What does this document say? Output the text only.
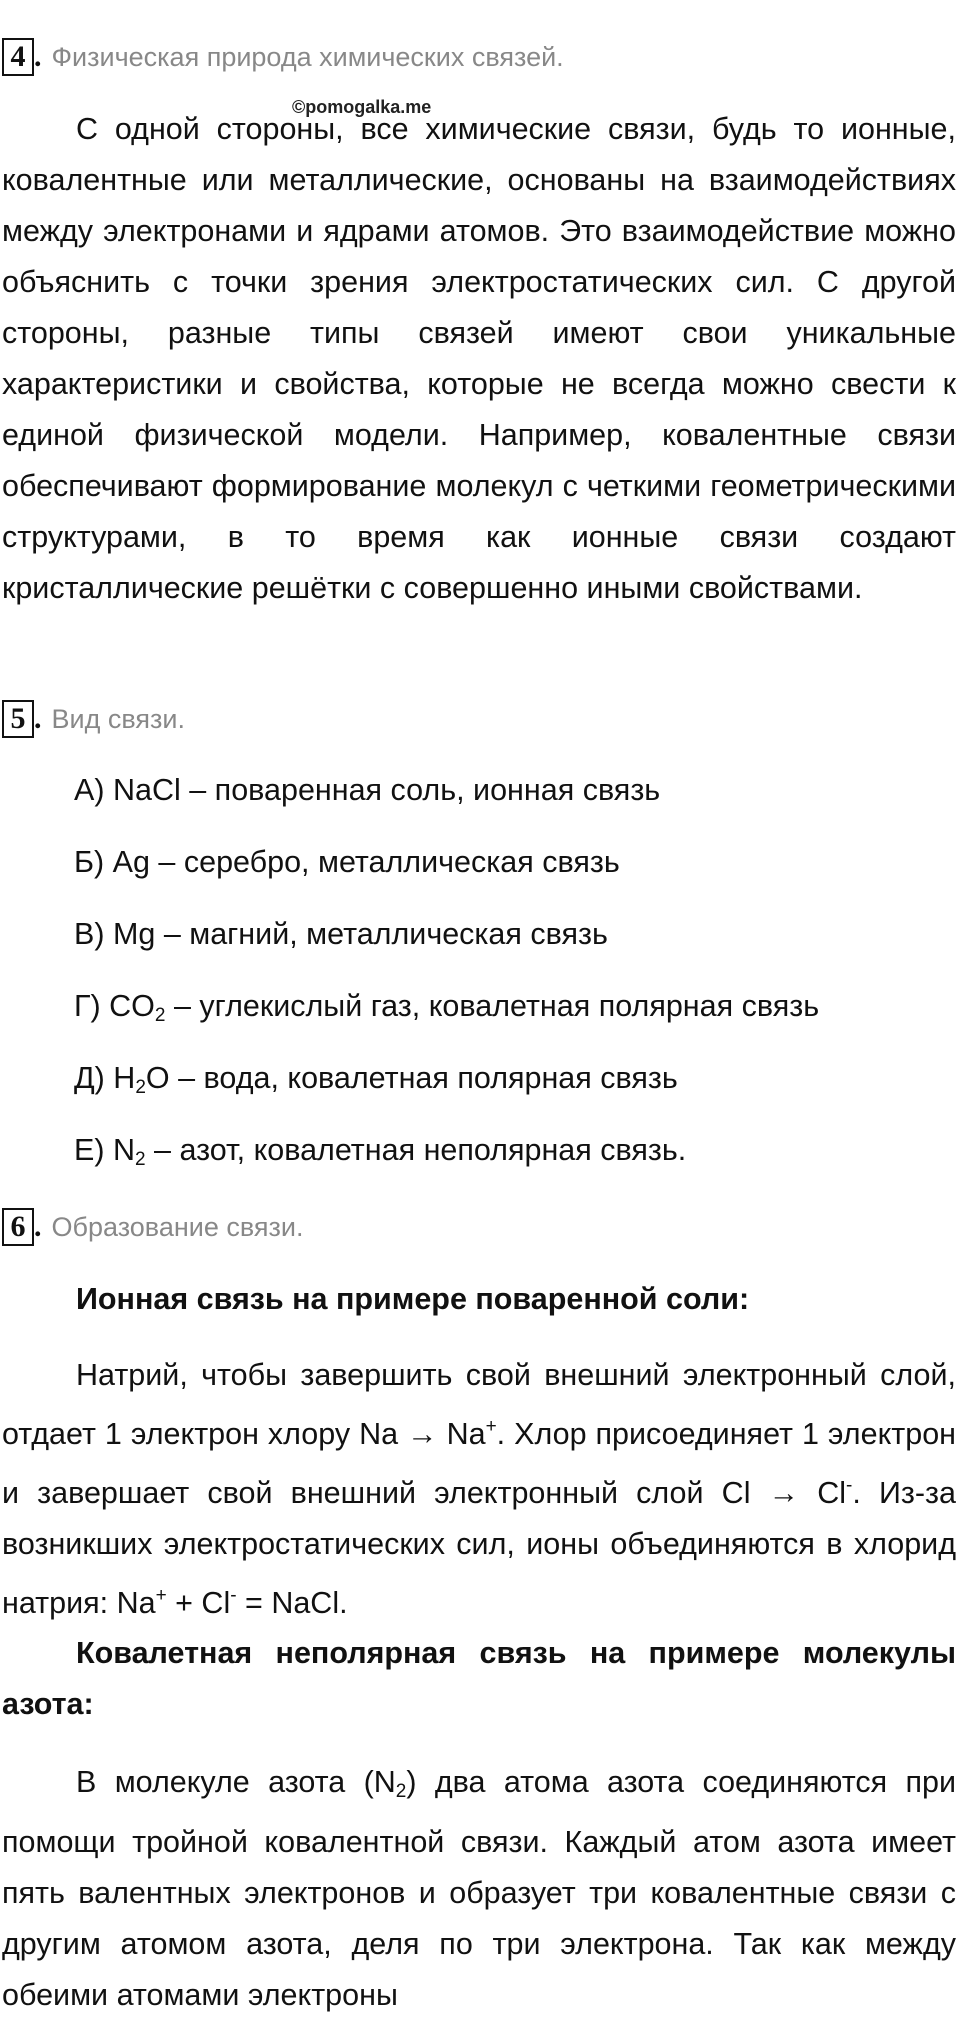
©pomogalka.me
4 . Физическая природа химических связей.

С одной стороны, все химические связи, будь то ионные, ковалентные или металлические, основаны на взаимодействиях между электронами и ядрами атомов. Это взаимодействие можно объяснить с точки зрения электростатических сил. С другой стороны, разные типы связей имеют свои уникальные характеристики и свойства, которые не всегда можно свести к единой физической модели. Например, ковалентные связи обеспечивают формирование молекул с четкими геометрическими структурами, в то время как ионные связи создают кристаллические решётки с совершенно иными свойствами.

5 . Вид связи.
А) NaCl – поваренная соль, ионная связь
Б) Ag – серебро, металлическая связь
В) Mg – магний, металлическая связь
Г) $CO_2$ – углекислый газ, ковалетная полярная связь
Д) $H_2O$ – вода, ковалетная полярная связь
Е) $N_2$ – азот, ковалетная неполярная связь.
6 . Образование связи.

Ионная связь на примере поваренной соли:

Натрий, чтобы завершить свой внешний электронный слой, отдает 1 электрон хлору Na → Na+. Хлор присоединяет 1 электрон и завершает свой внешний электронный слой Cl → Cl-. Из-за возникших электростатических сил, ионы объединяются в хлорид натрия: Na+ + Cl- = NaCl.

Ковалетная неполярная связь на примере молекулы азота:

В молекуле азота $(N_2)$ два атома азота соединяются при помощи тройной ковалентной связи. Каждый атом азота имеет пять валентных электронов и образует три ковалентные связи с другим атомом азота, деля по три электрона. Так как между обеими атомами электроны
